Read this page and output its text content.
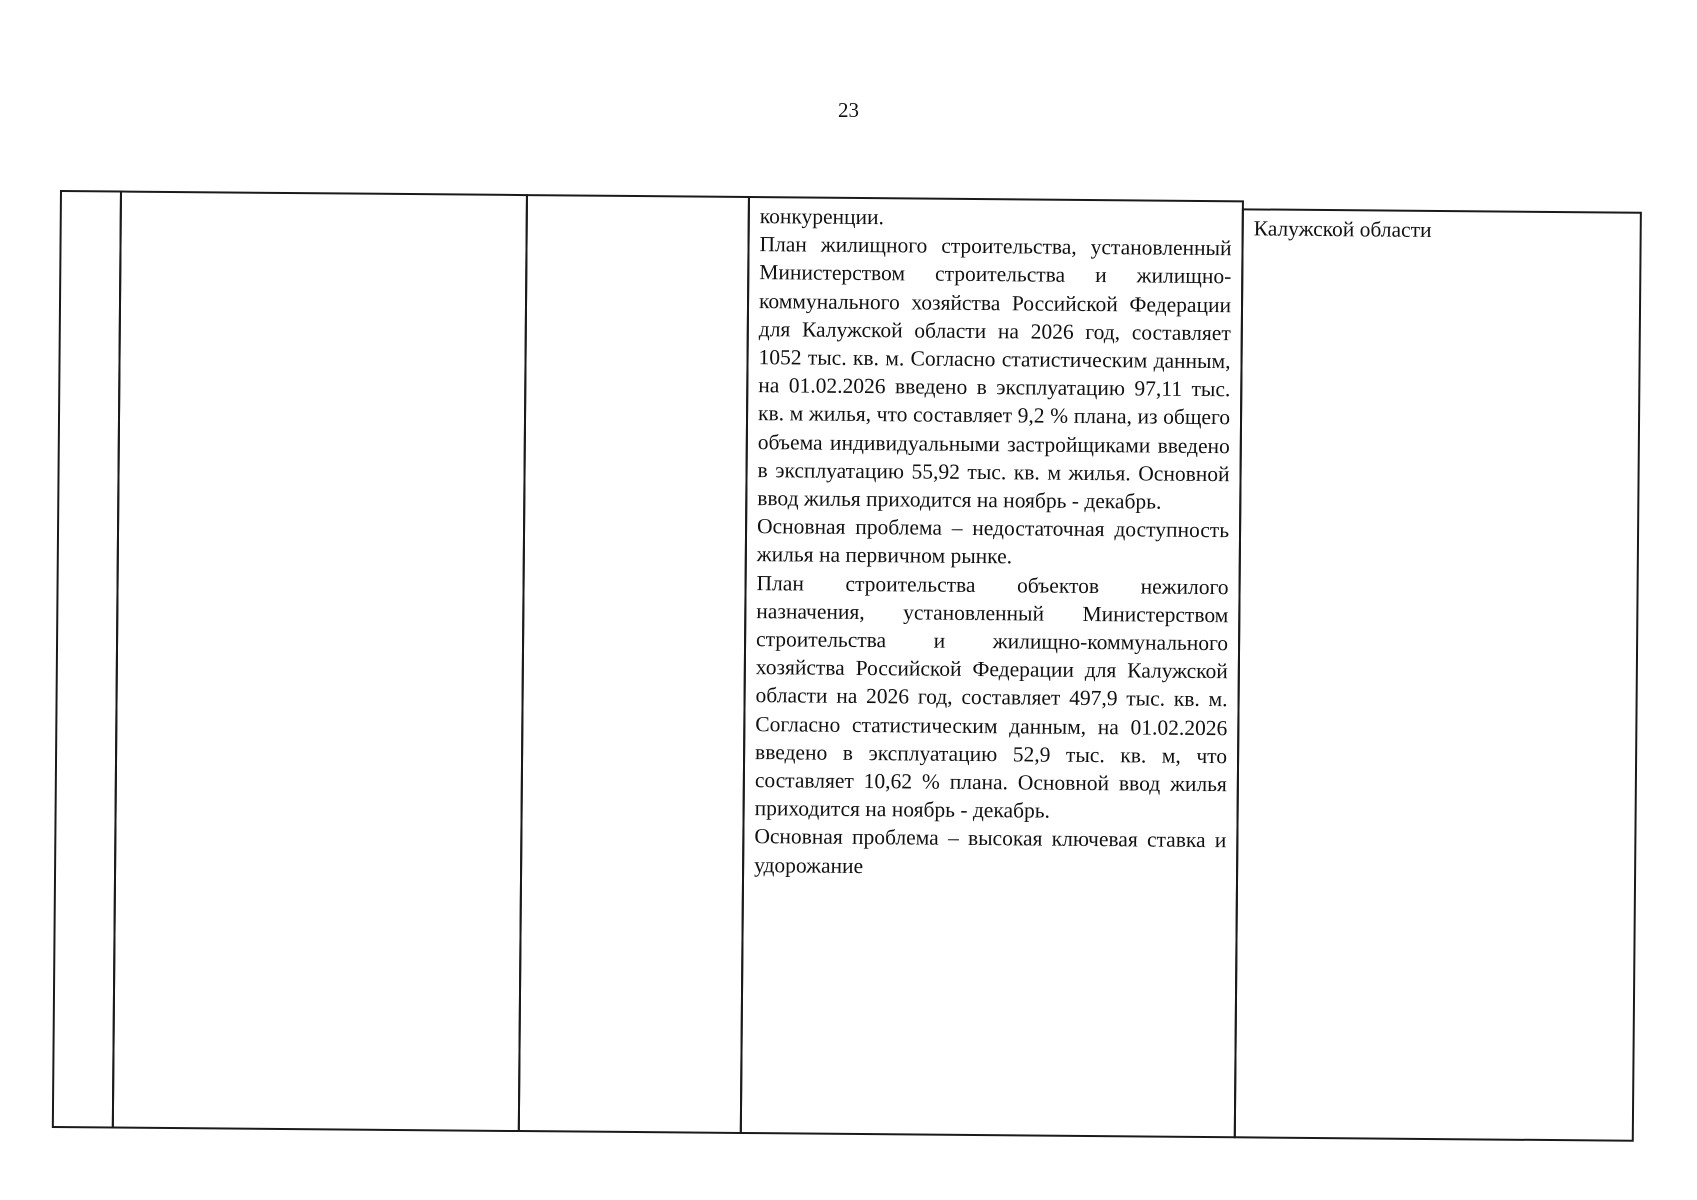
23

конкуренции.

План жилищного строительства, установленный Министерством строительства и жилищно-коммунального хозяйства Российской Федерации для Калужской области на 2026 год, составляет 1052 тыс. кв. м. Согласно статистическим данным, на 01.02.2026 введено в эксплуатацию 97,11 тыс. кв. м жилья, что составляет 9,2 % плана, из общего объема индивидуальными застройщиками введено в эксплуатацию 55,92 тыс. кв. м жилья. Основной ввод жилья приходится на ноябрь - декабрь.

Основная проблема – недостаточная доступность жилья на первичном рынке.

План строительства объектов нежилого назначения, установленный Министерством строительства и жилищно-коммунального хозяйства Российской Федерации для Калужской области на 2026 год, составляет 497,9 тыс. кв. м. Согласно статистическим данным, на 01.02.2026 введено в эксплуатацию 52,9 тыс. кв. м, что составляет 10,62 % плана. Основной ввод жилья приходится на ноябрь - декабрь.

Основная проблема – высокая ключевая ставка и удорожание

Калужской области
